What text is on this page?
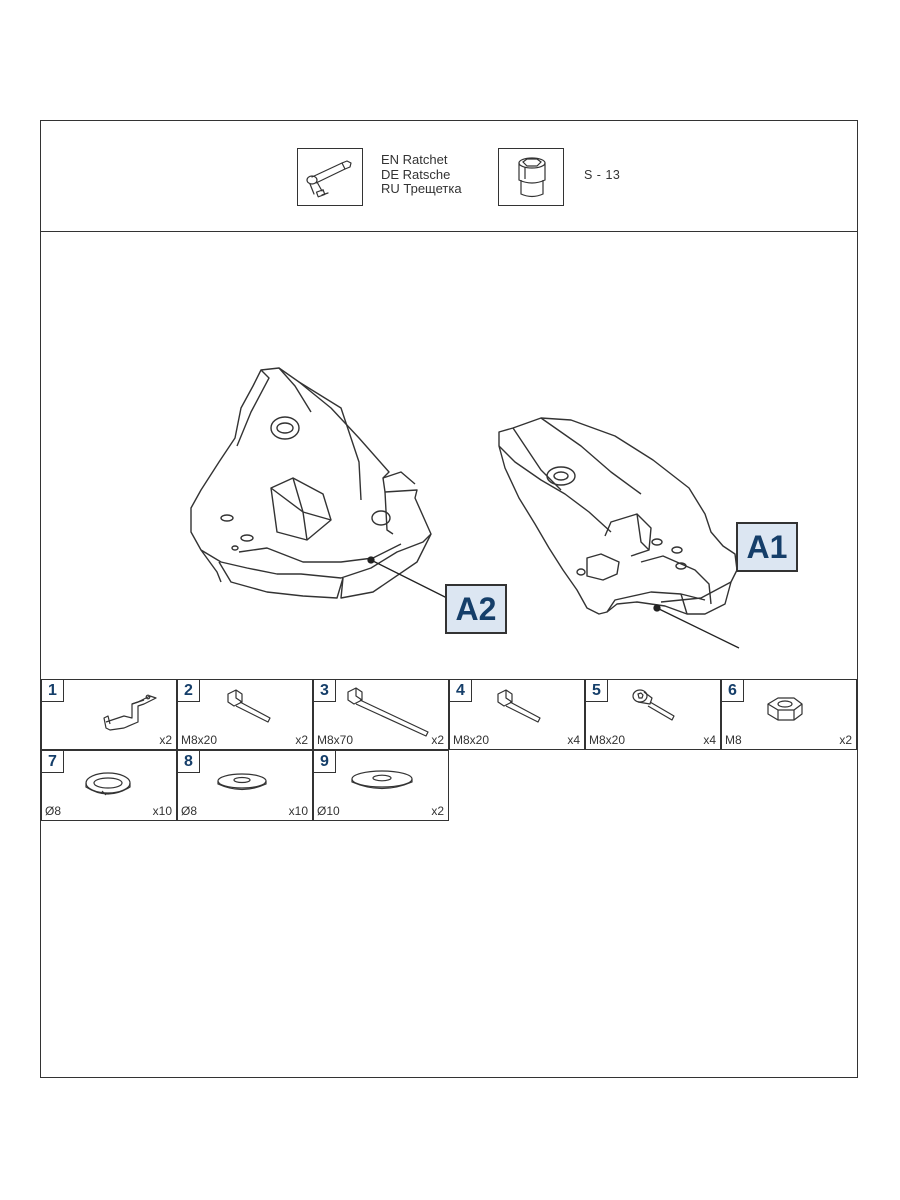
EN Ratchet
DE Ratsche
RU Трещетка
S - 13
A1
A2
1
x2
2
M8x20	x2
3
M8x70	x2
4
M8x20	x4
5
M8x20	x4
6
M8	x2
7
Ø8	x10
8
Ø8	x10
9
Ø10	x2
